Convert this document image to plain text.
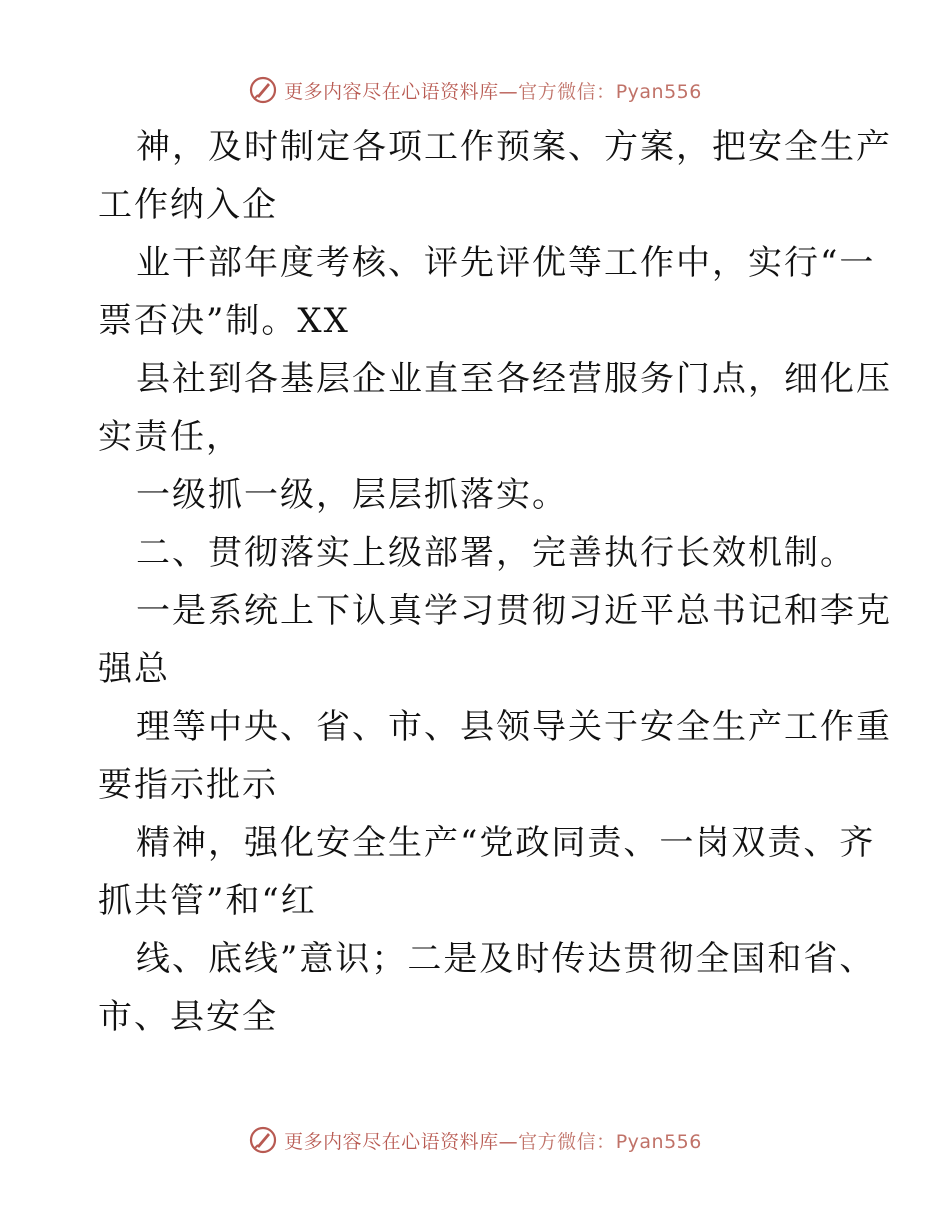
更多内容尽在心语资料库—官方微信：Pyan556
神，及时制定各项工作预案、方案，把安全生产
工作纳入企
业干部年度考核、评先评优等工作中，实行“一
票否决”制。XX
县社到各基层企业直至各经营服务门点，细化压
实责任，
一级抓一级，层层抓落实。
二、贯彻落实上级部署，完善执行长效机制。
一是系统上下认真学习贯彻习近平总书记和李克
强总
理等中央、省、市、县领导关于安全生产工作重
要指示批示
精神，强化安全生产“党政同责、一岗双责、齐
抓共管”和“红
线、底线”意识；二是及时传达贯彻全国和省、
市、县安全
更多内容尽在心语资料库—官方微信：Pyan556
